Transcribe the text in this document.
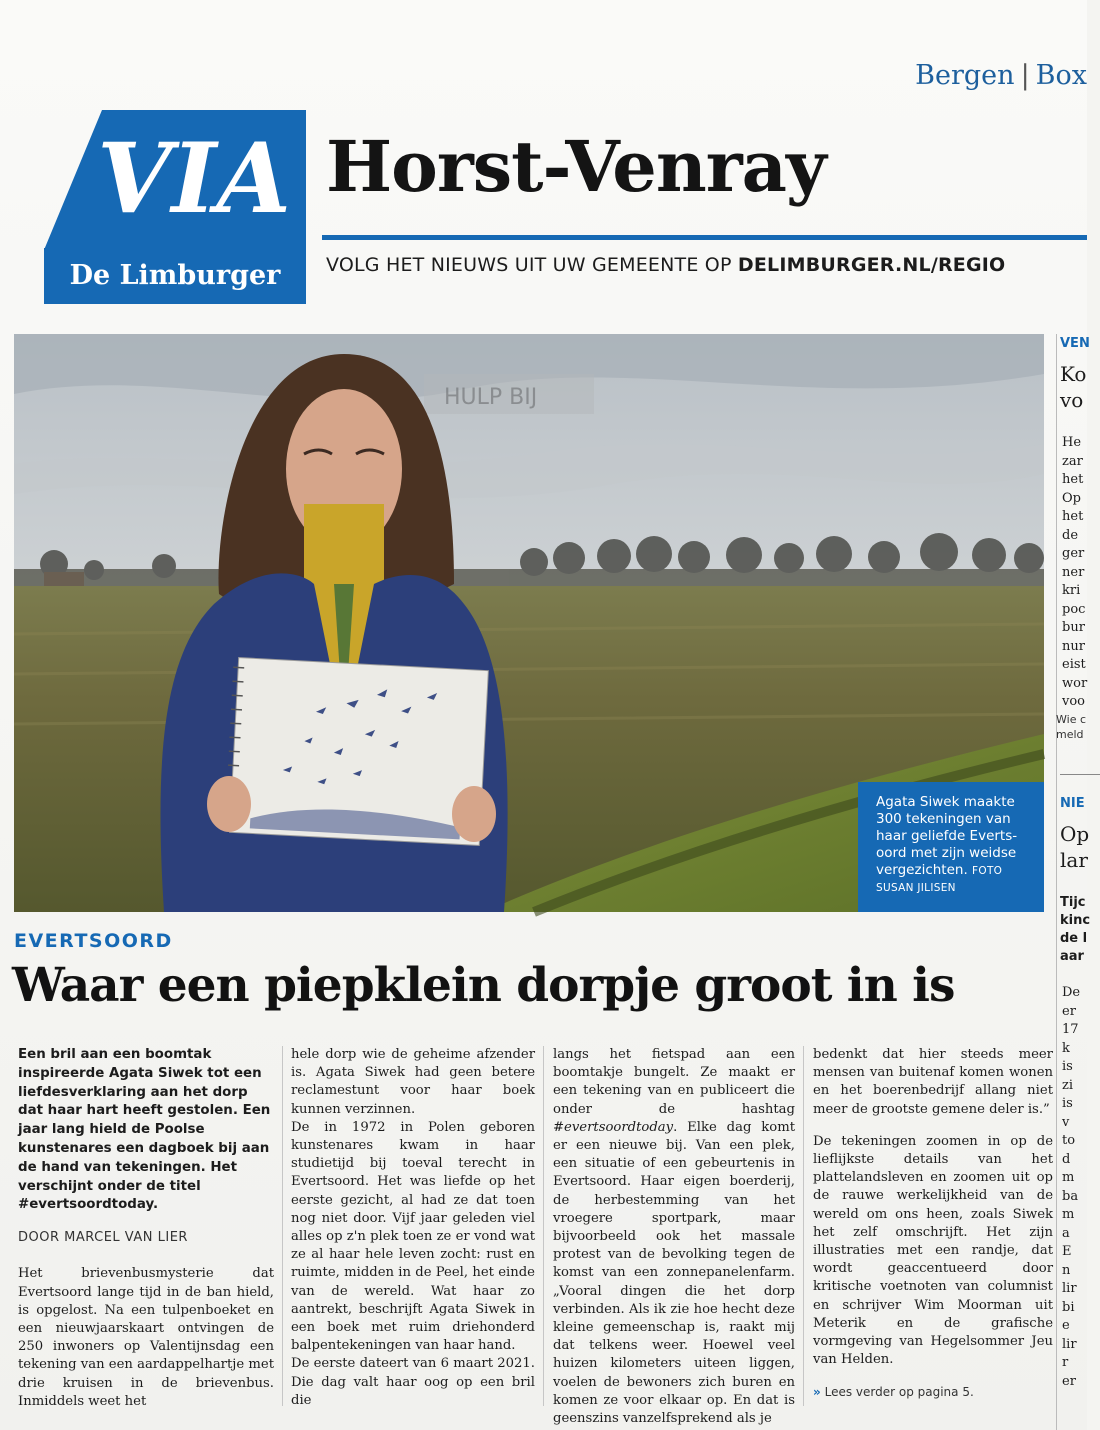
Bergen | Box
VIA
De Limburger
Horst-Venray
VOLG HET NIEUWS UIT UW GEMEENTE OP DELIMBURGER.NL/REGIO
HULP BIJ
Agata Siwek maakte
300 tekeningen van
haar geliefde Everts-
oord met zijn weidse
vergezichten. FOTO
SUSAN JILISEN
VEN
Ko
vo
He
zar
het
Op
het
de
ger
ner
kri
poc
bur
nur
eist
wor
voo
Wie c
meld
NIE
Op
lar
Tijc
kinc
de l
aar
De
er
17
k
is
zi
is
v
to
d
m
ba
m
a
E
n
lir
bi
e
lir
r
er
EVERTSOORD
Waar een piepklein dorpje groot in is

Een bril aan een boomtak inspireerde Agata Siwek tot een liefdesverklaring aan het dorp dat haar hart heeft gestolen. Een jaar lang hield de Poolse kunstenares een dagboek bij aan de hand van tekeningen. Het verschijnt onder de titel #evertsoordtoday.

DOOR MARCEL VAN LIER

Het brievenbusmysterie dat Evertsoord lange tijd in de ban hield, is opgelost. Na een tulpenboeket en een nieuwjaarskaart ontvingen de 250 inwoners op Valentijnsdag een tekening van een aardappelhartje met drie kruisen in de brievenbus. Inmiddels weet het

hele dorp wie de geheime afzender is. Agata Siwek had geen betere reclamestunt voor haar boek kunnen verzinnen.

De in 1972 in Polen geboren kunstenares kwam in haar studietijd bij toeval terecht in Evertsoord. Het was liefde op het eerste gezicht, al had ze dat toen nog niet door. Vijf jaar geleden viel alles op z'n plek toen ze er vond wat ze al haar hele leven zocht: rust en ruimte, midden in de Peel, het einde van de wereld. Wat haar zo aantrekt, beschrijft Agata Siwek in een boek met ruim driehonderd balpentekeningen van haar hand.

De eerste dateert van 6 maart 2021. Die dag valt haar oog op een bril die

langs het fietspad aan een boomtakje bungelt. Ze maakt er een tekening van en publiceert die onder de hashtag #evertsoordtoday. Elke dag komt er een nieuwe bij. Van een plek, een situatie of een gebeurtenis in Evertsoord. Haar eigen boerderij, de herbestemming van het vroegere sportpark, maar bijvoorbeeld ook het massale protest van de bevolking tegen de komst van een zonnepanelenfarm. „Vooral dingen die het dorp verbinden. Als ik zie hoe hecht deze kleine gemeenschap is, raakt mij dat telkens weer. Hoewel veel huizen kilometers uiteen liggen, voelen de bewoners zich buren en komen ze voor elkaar op. En dat is geenszins vanzelfsprekend als je

bedenkt dat hier steeds meer mensen van buitenaf komen wonen en het boerenbedrijf allang niet meer de grootste gemene deler is.”

De tekeningen zoomen in op de lieflijkste details van het plattelandsleven en zoomen uit op de rauwe werkelijkheid van de wereld om ons heen, zoals Siwek het zelf omschrijft. Het zijn illustraties met een randje, dat wordt geaccentueerd door kritische voetnoten van columnist en schrijver Wim Moorman uit Meterik en de grafische vormgeving van Hegelsommer Jeu van Helden.

» Lees verder op pagina 5.
